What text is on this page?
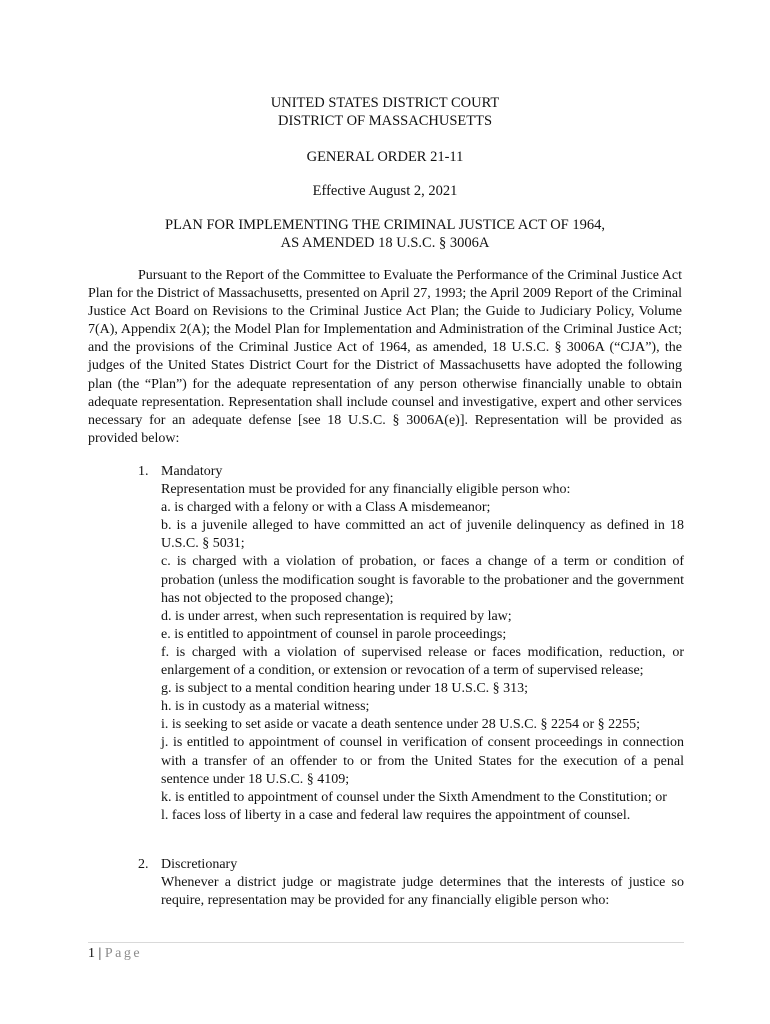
UNITED STATES DISTRICT COURT
DISTRICT OF MASSACHUSETTS
GENERAL ORDER 21-11
Effective August 2, 2021
PLAN FOR IMPLEMENTING THE CRIMINAL JUSTICE ACT OF 1964,
AS AMENDED 18 U.S.C. § 3006A

Pursuant to the Report of the Committee to Evaluate the Performance of the Criminal Justice Act Plan for the District of Massachusetts, presented on April 27, 1993; the April 2009 Report of the Criminal Justice Act Board on Revisions to the Criminal Justice Act Plan; the Guide to Judiciary Policy, Volume 7(A), Appendix 2(A); the Model Plan for Implementation and Administration of the Criminal Justice Act; and the provisions of the Criminal Justice Act of 1964, as amended, 18 U.S.C. § 3006A (“CJA”), the judges of the United States District Court for the District of Massachusetts have adopted the following plan (the “Plan”) for the adequate representation of any person otherwise financially unable to obtain adequate representation. Representation shall include counsel and investigative, expert and other services necessary for an adequate defense [see 18 U.S.C. § 3006A(e)]. Representation will be provided as provided below:

1. Mandatory
Representation must be provided for any financially eligible person who:
a. is charged with a felony or with a Class A misdemeanor;
b. is a juvenile alleged to have committed an act of juvenile delinquency as defined in 18 U.S.C. § 5031;
c. is charged with a violation of probation, or faces a change of a term or condition of probation (unless the modification sought is favorable to the probationer and the government has not objected to the proposed change);
d. is under arrest, when such representation is required by law;
e. is entitled to appointment of counsel in parole proceedings;
f. is charged with a violation of supervised release or faces modification, reduction, or enlargement of a condition, or extension or revocation of a term of supervised release;
g. is subject to a mental condition hearing under 18 U.S.C. § 313;
h. is in custody as a material witness;
i. is seeking to set aside or vacate a death sentence under 28 U.S.C. § 2254 or § 2255;
j. is entitled to appointment of counsel in verification of consent proceedings in connection with a transfer of an offender to or from the United States for the execution of a penal sentence under 18 U.S.C. § 4109;
k. is entitled to appointment of counsel under the Sixth Amendment to the Constitution; or
l. faces loss of liberty in a case and federal law requires the appointment of counsel.
2. Discretionary
Whenever a district judge or magistrate judge determines that the interests of justice so require, representation may be provided for any financially eligible person who:
1 | Page
